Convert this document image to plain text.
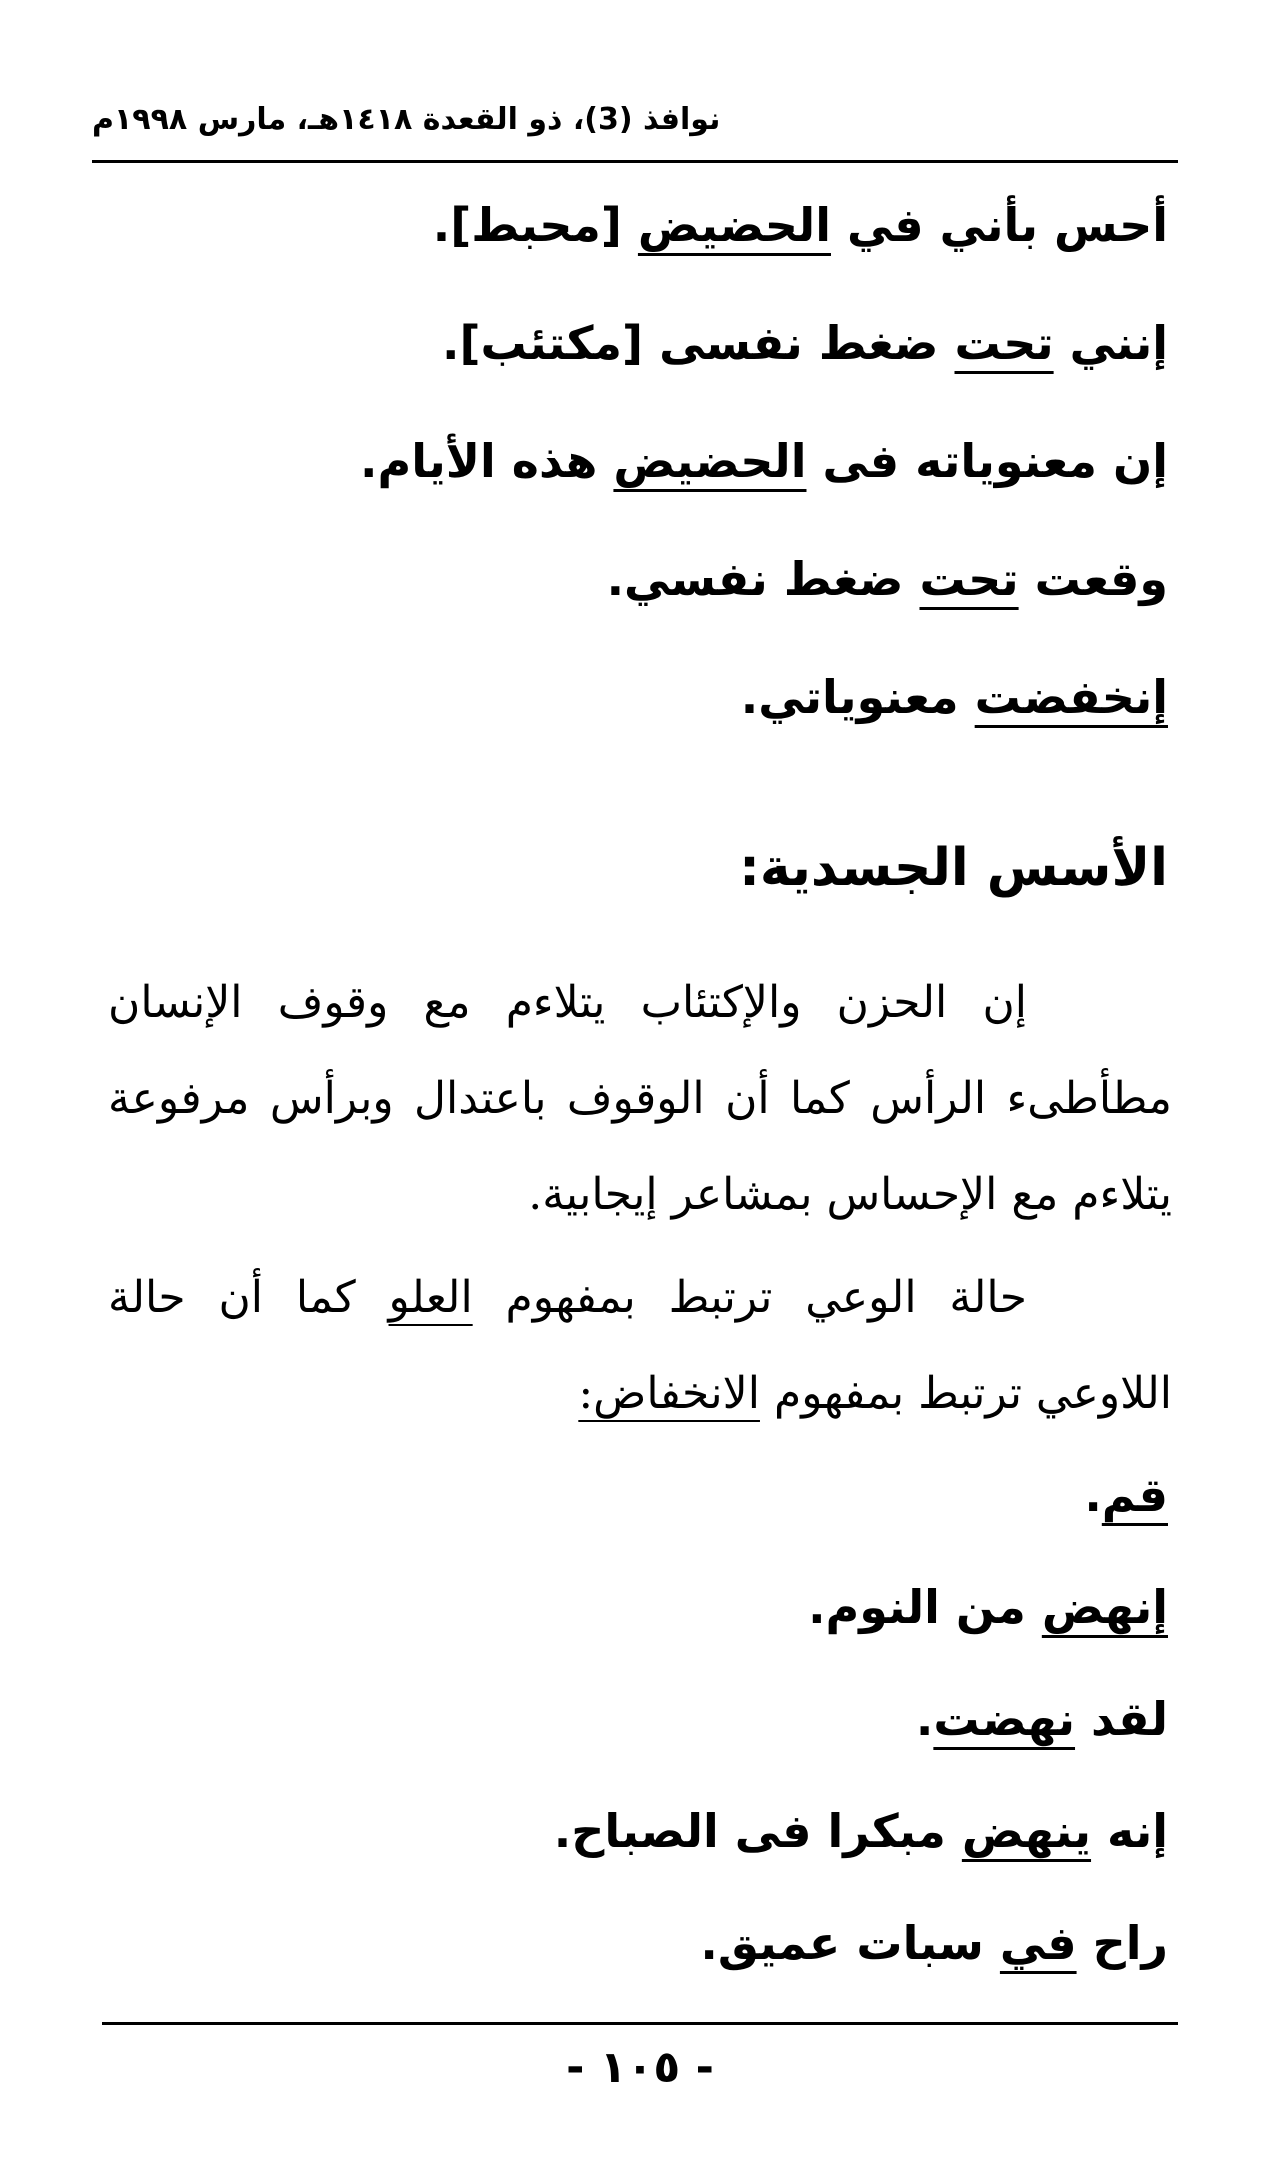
نوافذ (3)، ذو القعدة ١٤١٨هـ، مارس ١٩٩٨م
أحس بأني في الحضيض [محبط].
إنني تحت ضغط نفسى [مكتئب].
إن معنوياته فى الحضيض هذه الأيام.
وقعت تحت ضغط نفسي.
إنخفضت معنوياتي.
الأسس الجسدية:
إن الحزن والإكتئاب يتلاءم مع وقوف الإنسان
مطأطىء الرأس كما أن الوقوف باعتدال وبرأس مرفوعة
يتلاءم مع الإحساس بمشاعر إيجابية.
حالة الوعي ترتبط بمفهوم العلو كما أن حالة
اللاوعي ترتبط بمفهوم الانخفاض:
قم.
إنهض من النوم.
لقد نهضت.
إنه ينهض مبكرا فى الصباح.
راح في سبات عميق.
- ١٠٥ -
